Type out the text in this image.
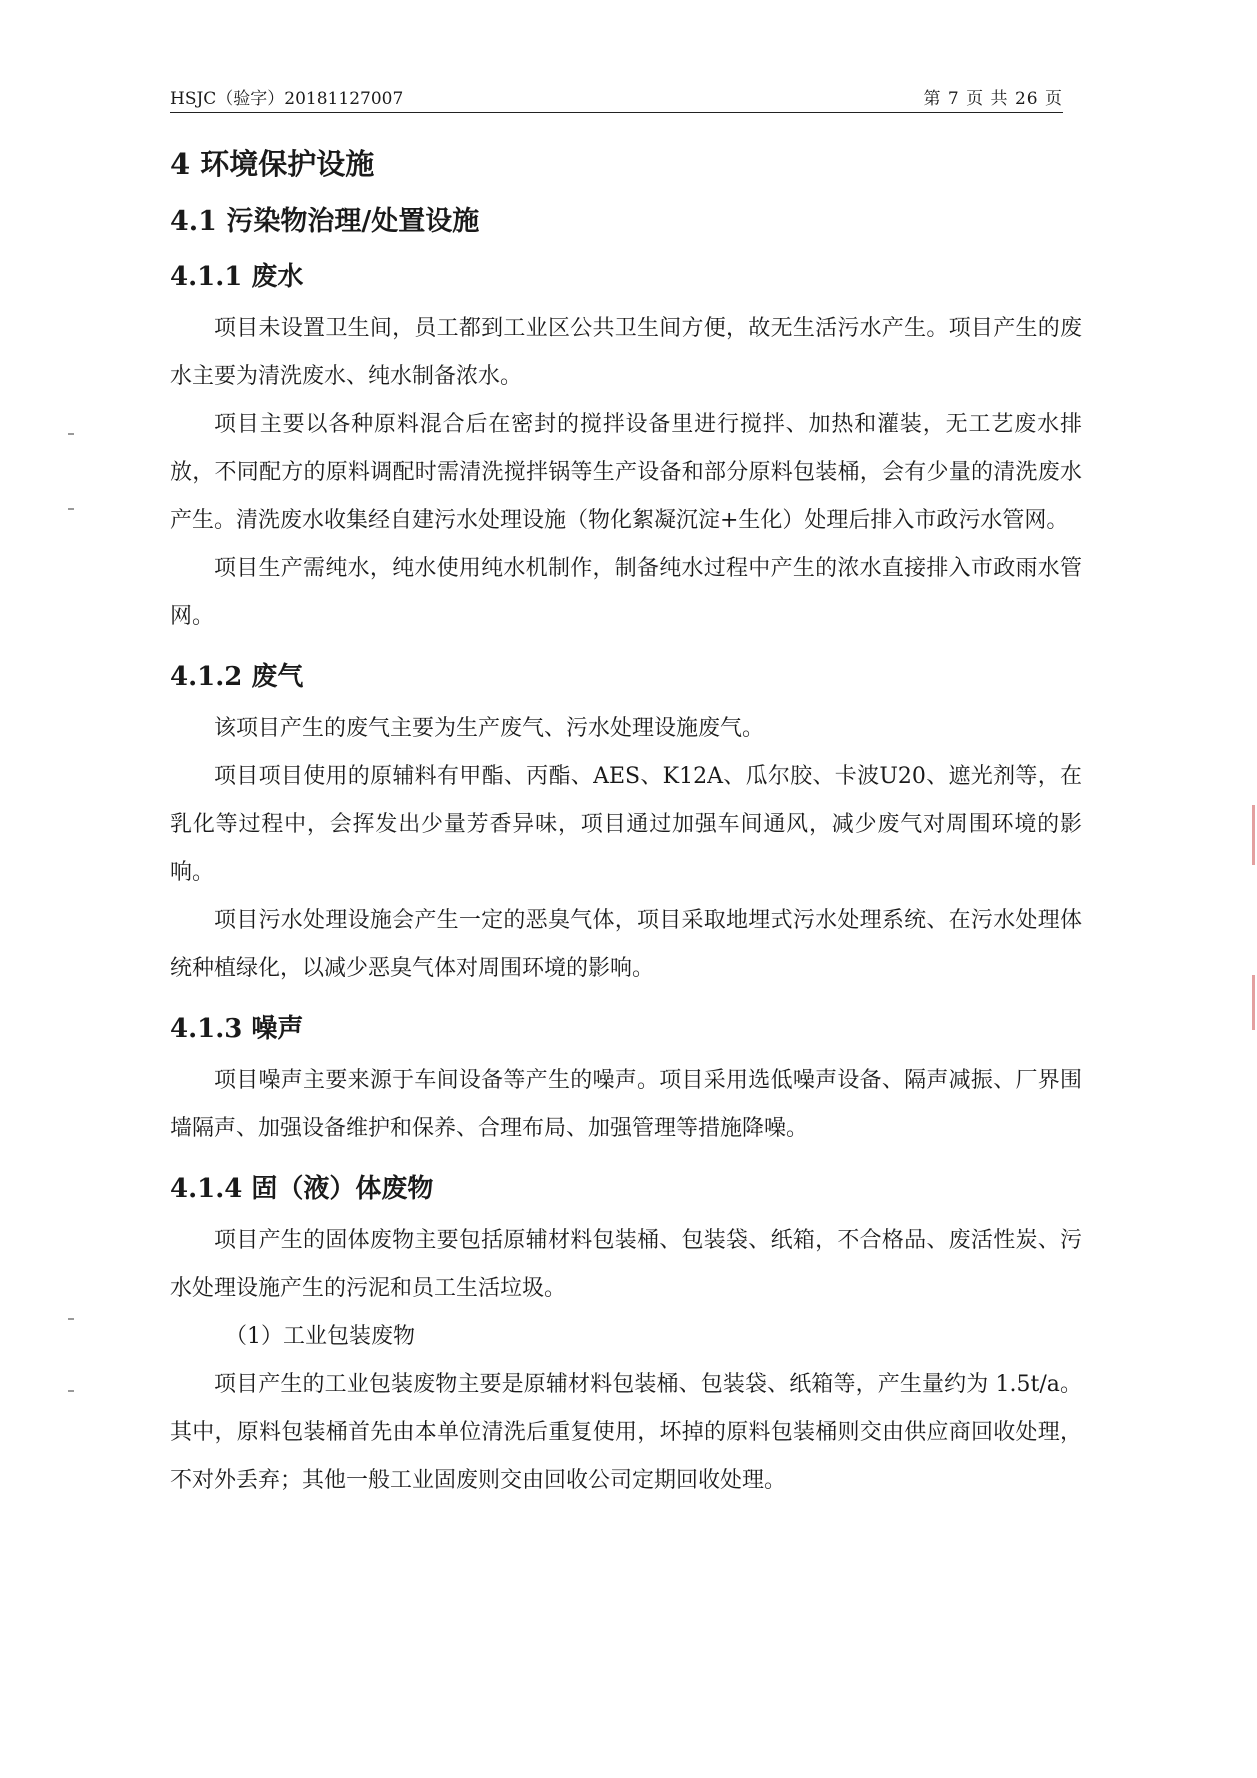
HSJC（验字）20181127007	第 7 页 共 26 页
4 环境保护设施
4.1 污染物治理/处置设施
4.1.1 废水

项目未设置卫生间，员工都到工业区公共卫生间方便，故无生活污水产生。项目产生的废水主要为清洗废水、纯水制备浓水。

项目主要以各种原料混合后在密封的搅拌设备里进行搅拌、加热和灌装，无工艺废水排放，不同配方的原料调配时需清洗搅拌锅等生产设备和部分原料包装桶，会有少量的清洗废水产生。清洗废水收集经自建污水处理设施（物化絮凝沉淀+生化）处理后排入市政污水管网。

项目生产需纯水，纯水使用纯水机制作，制备纯水过程中产生的浓水直接排入市政雨水管网。

4.1.2 废气

该项目产生的废气主要为生产废气、污水处理设施废气。

项目项目使用的原辅料有甲酯、丙酯、AES、K12A、瓜尔胶、卡波U20、遮光剂等，在乳化等过程中，会挥发出少量芳香异味，项目通过加强车间通风，减少废气对周围环境的影响。

项目污水处理设施会产生一定的恶臭气体，项目采取地埋式污水处理系统、在污水处理体统种植绿化，以减少恶臭气体对周围环境的影响。

4.1.3 噪声

项目噪声主要来源于车间设备等产生的噪声。项目采用选低噪声设备、隔声减振、厂界围墙隔声、加强设备维护和保养、合理布局、加强管理等措施降噪。

4.1.4 固（液）体废物

项目产生的固体废物主要包括原辅材料包装桶、包装袋、纸箱，不合格品、废活性炭、污水处理设施产生的污泥和员工生活垃圾。

（1）工业包装废物

项目产生的工业包装废物主要是原辅材料包装桶、包装袋、纸箱等，产生量约为 1.5t/a。其中，原料包装桶首先由本单位清洗后重复使用，坏掉的原料包装桶则交由供应商回收处理，不对外丢弃；其他一般工业固废则交由回收公司定期回收处理。
